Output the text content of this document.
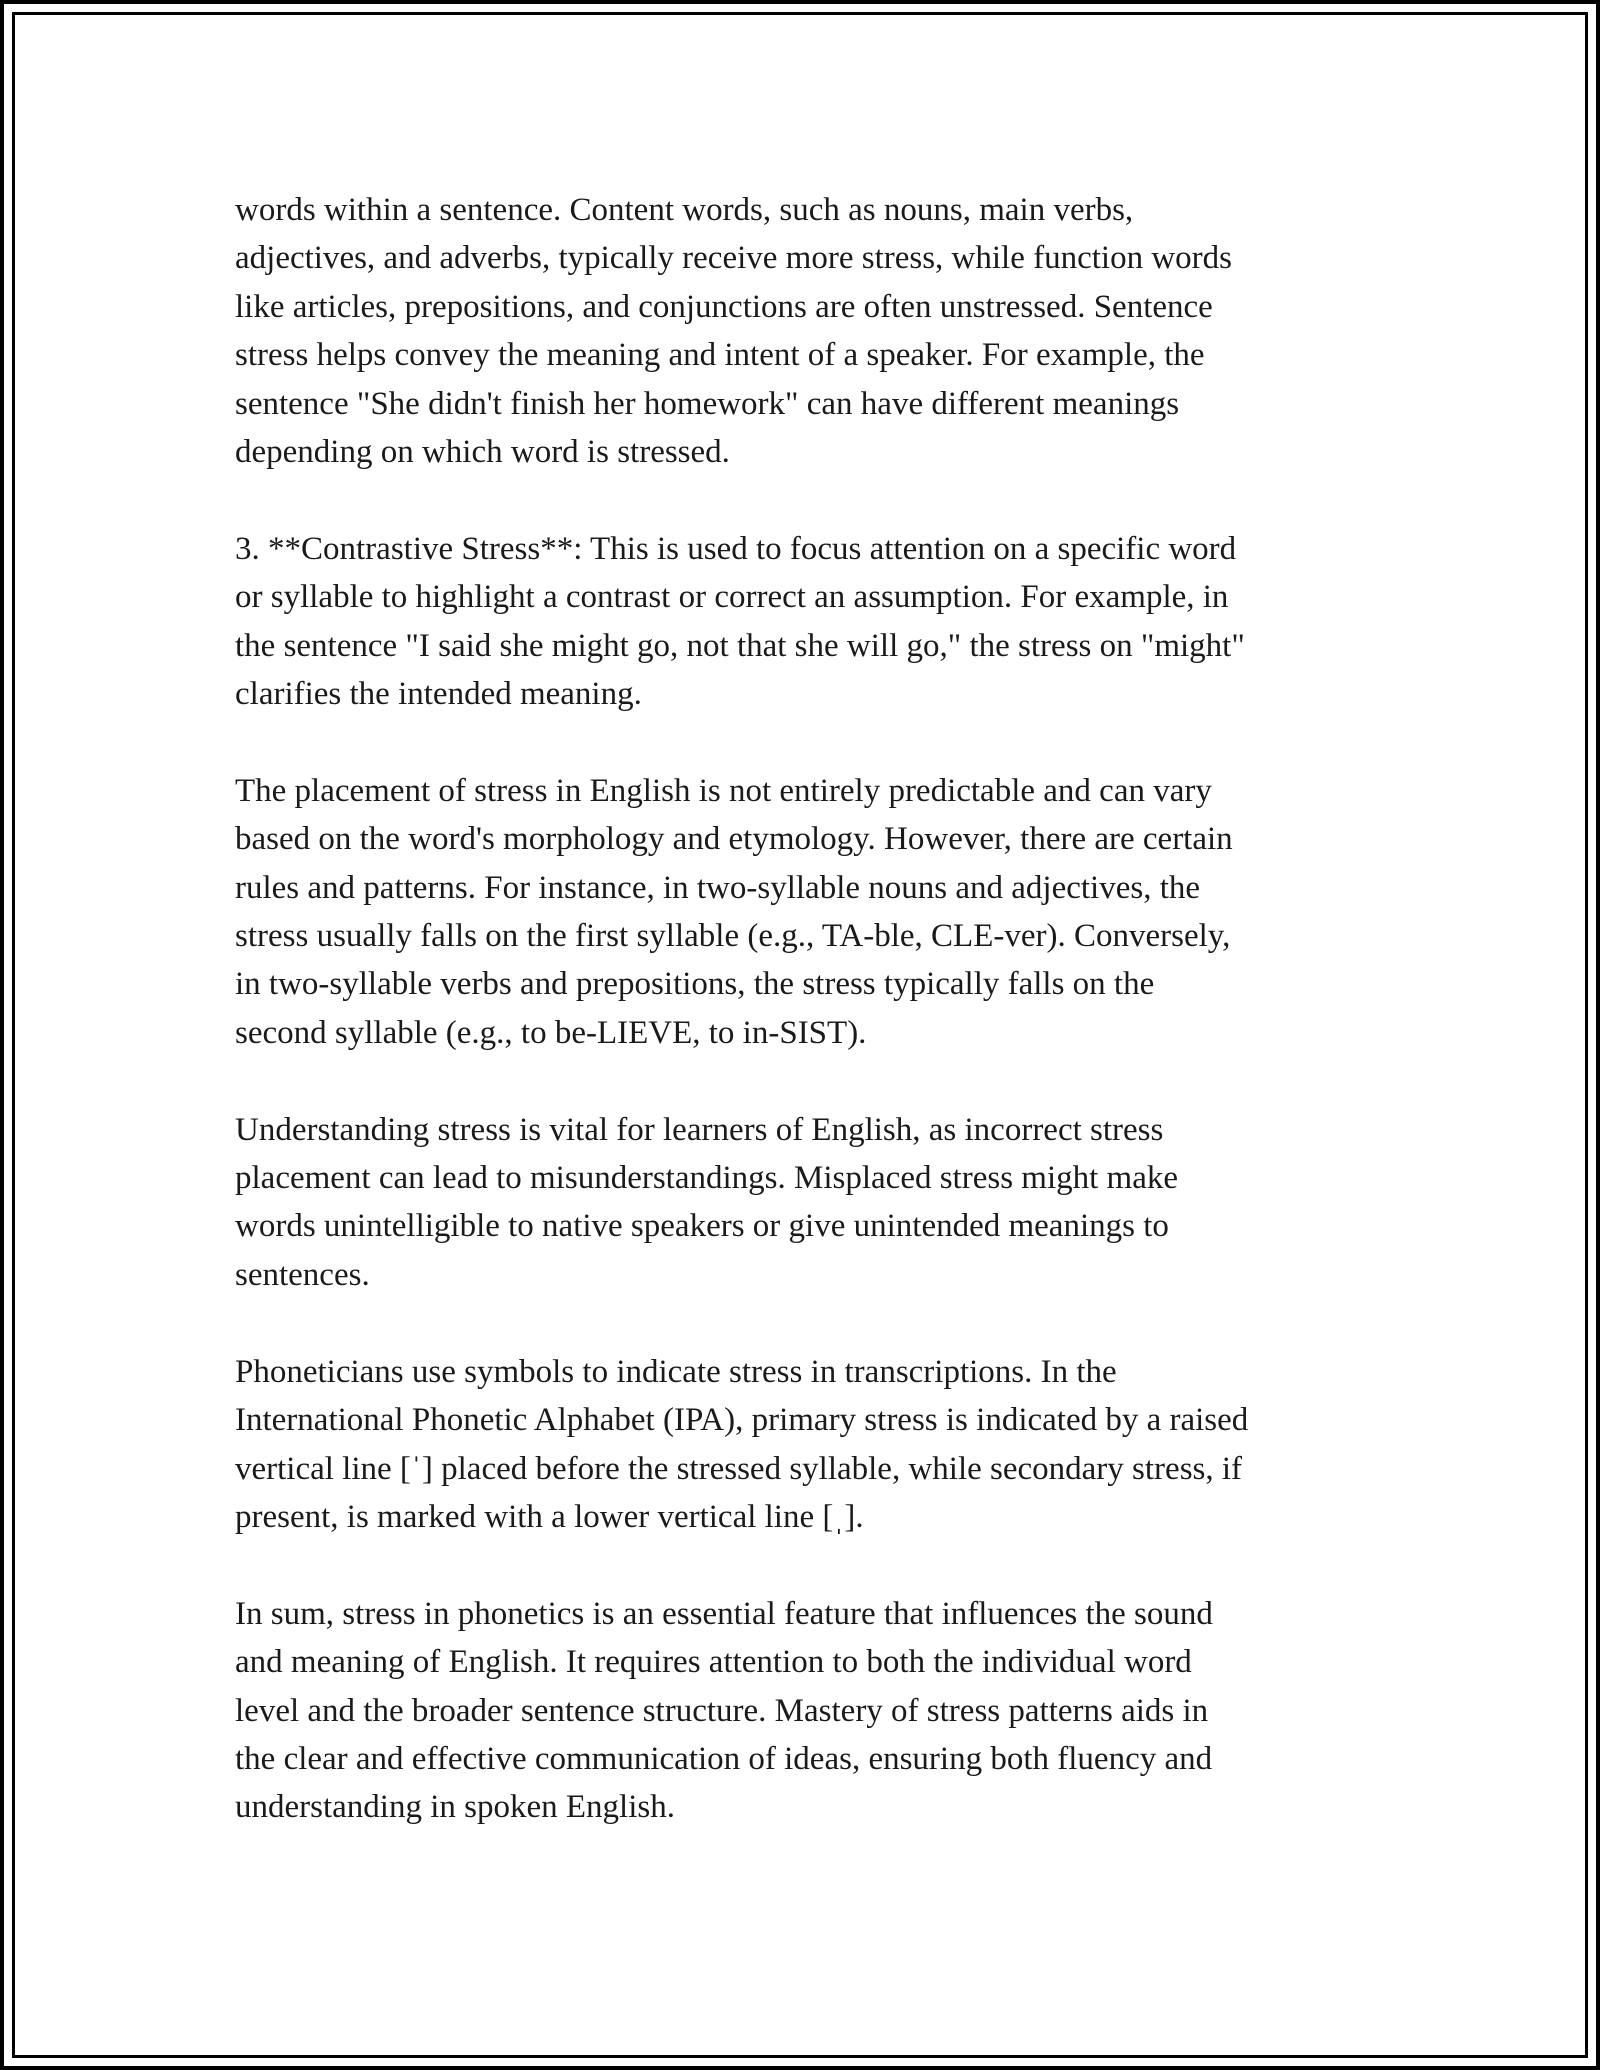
words within a sentence. Content words, such as nouns, main verbs,
adjectives, and adverbs, typically receive more stress, while function words
like articles, prepositions, and conjunctions are often unstressed. Sentence
stress helps convey the meaning and intent of a speaker. For example, the
sentence "She didn't finish her homework" can have different meanings
depending on which word is stressed.

3. **Contrastive Stress**: This is used to focus attention on a specific word
or syllable to highlight a contrast or correct an assumption. For example, in
the sentence "I said she might go, not that she will go," the stress on "might"
clarifies the intended meaning.

The placement of stress in English is not entirely predictable and can vary
based on the word's morphology and etymology. However, there are certain
rules and patterns. For instance, in two-syllable nouns and adjectives, the
stress usually falls on the first syllable (e.g., TA-ble, CLE-ver). Conversely,
in two-syllable verbs and prepositions, the stress typically falls on the
second syllable (e.g., to be-LIEVE, to in-SIST).

Understanding stress is vital for learners of English, as incorrect stress
placement can lead to misunderstandings. Misplaced stress might make
words unintelligible to native speakers or give unintended meanings to
sentences.

Phoneticians use symbols to indicate stress in transcriptions. In the
International Phonetic Alphabet (IPA), primary stress is indicated by a raised
vertical line [ˈ] placed before the stressed syllable, while secondary stress, if
present, is marked with a lower vertical line [ˌ].

In sum, stress in phonetics is an essential feature that influences the sound
and meaning of English. It requires attention to both the individual word
level and the broader sentence structure. Mastery of stress patterns aids in
the clear and effective communication of ideas, ensuring both fluency and
understanding in spoken English.
